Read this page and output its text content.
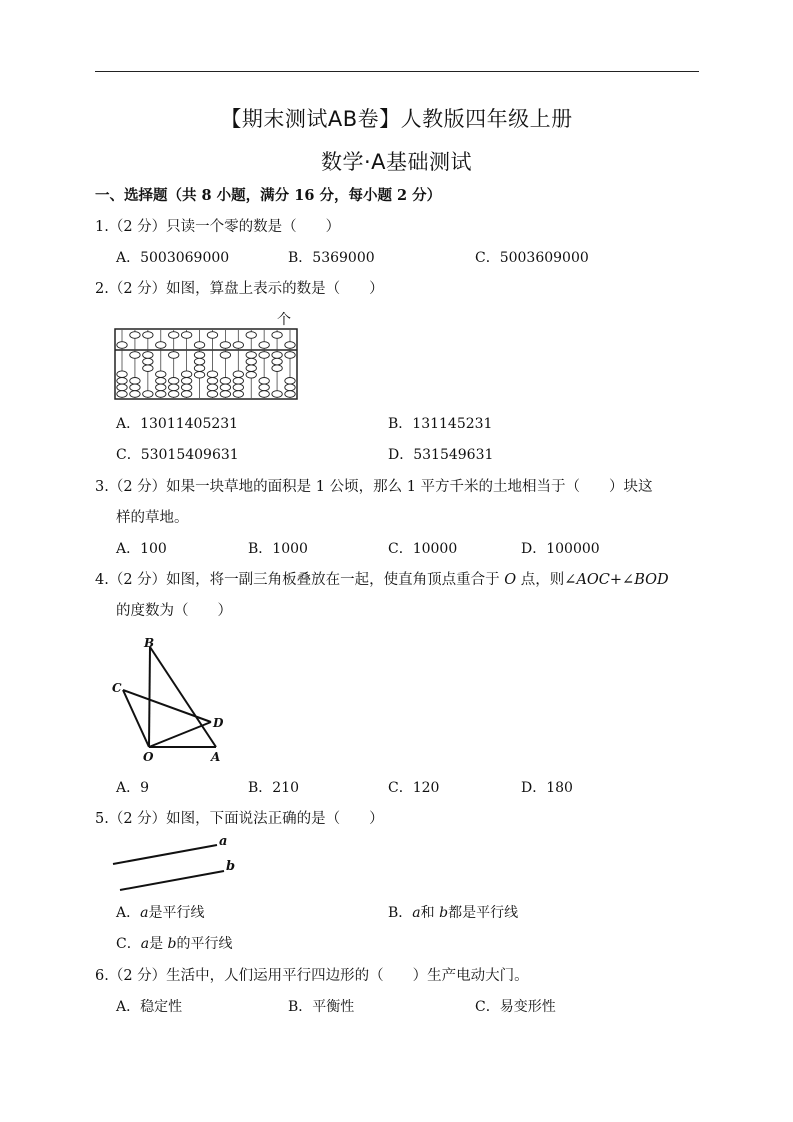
【期末测试AB卷】人教版四年级上册
数学·A基础测试
一、选择题（共 8 小题，满分 16 分，每小题 2 分）
1.（2 分）只读一个零的数是（　　）
A．5003069000	B．5369000	C．5003609000
2.（2 分）如图，算盘上表示的数是（　　）
个
A．13011405231	B．131145231
C．53015409631	D．531549631
3.（2 分）如果一块草地的面积是 1 公顷，那么 1 平方千米的土地相当于（　　）块这
样的草地。
A．100	B．1000	C．10000	D．100000
4.（2 分）如图，将一副三角板叠放在一起，使直角顶点重合于 O 点，则∠AOC+∠BOD
的度数为（　　）
B
C
D
O	A
A．9	B．210	C．120	D．180
5.（2 分）如图，下面说法正确的是（　　）
a
b
A．a是平行线	B．a和 b都是平行线
C．a是 b的平行线
6.（2 分）生活中，人们运用平行四边形的（　　）生产电动大门。
A．稳定性	B．平衡性	C．易变形性
